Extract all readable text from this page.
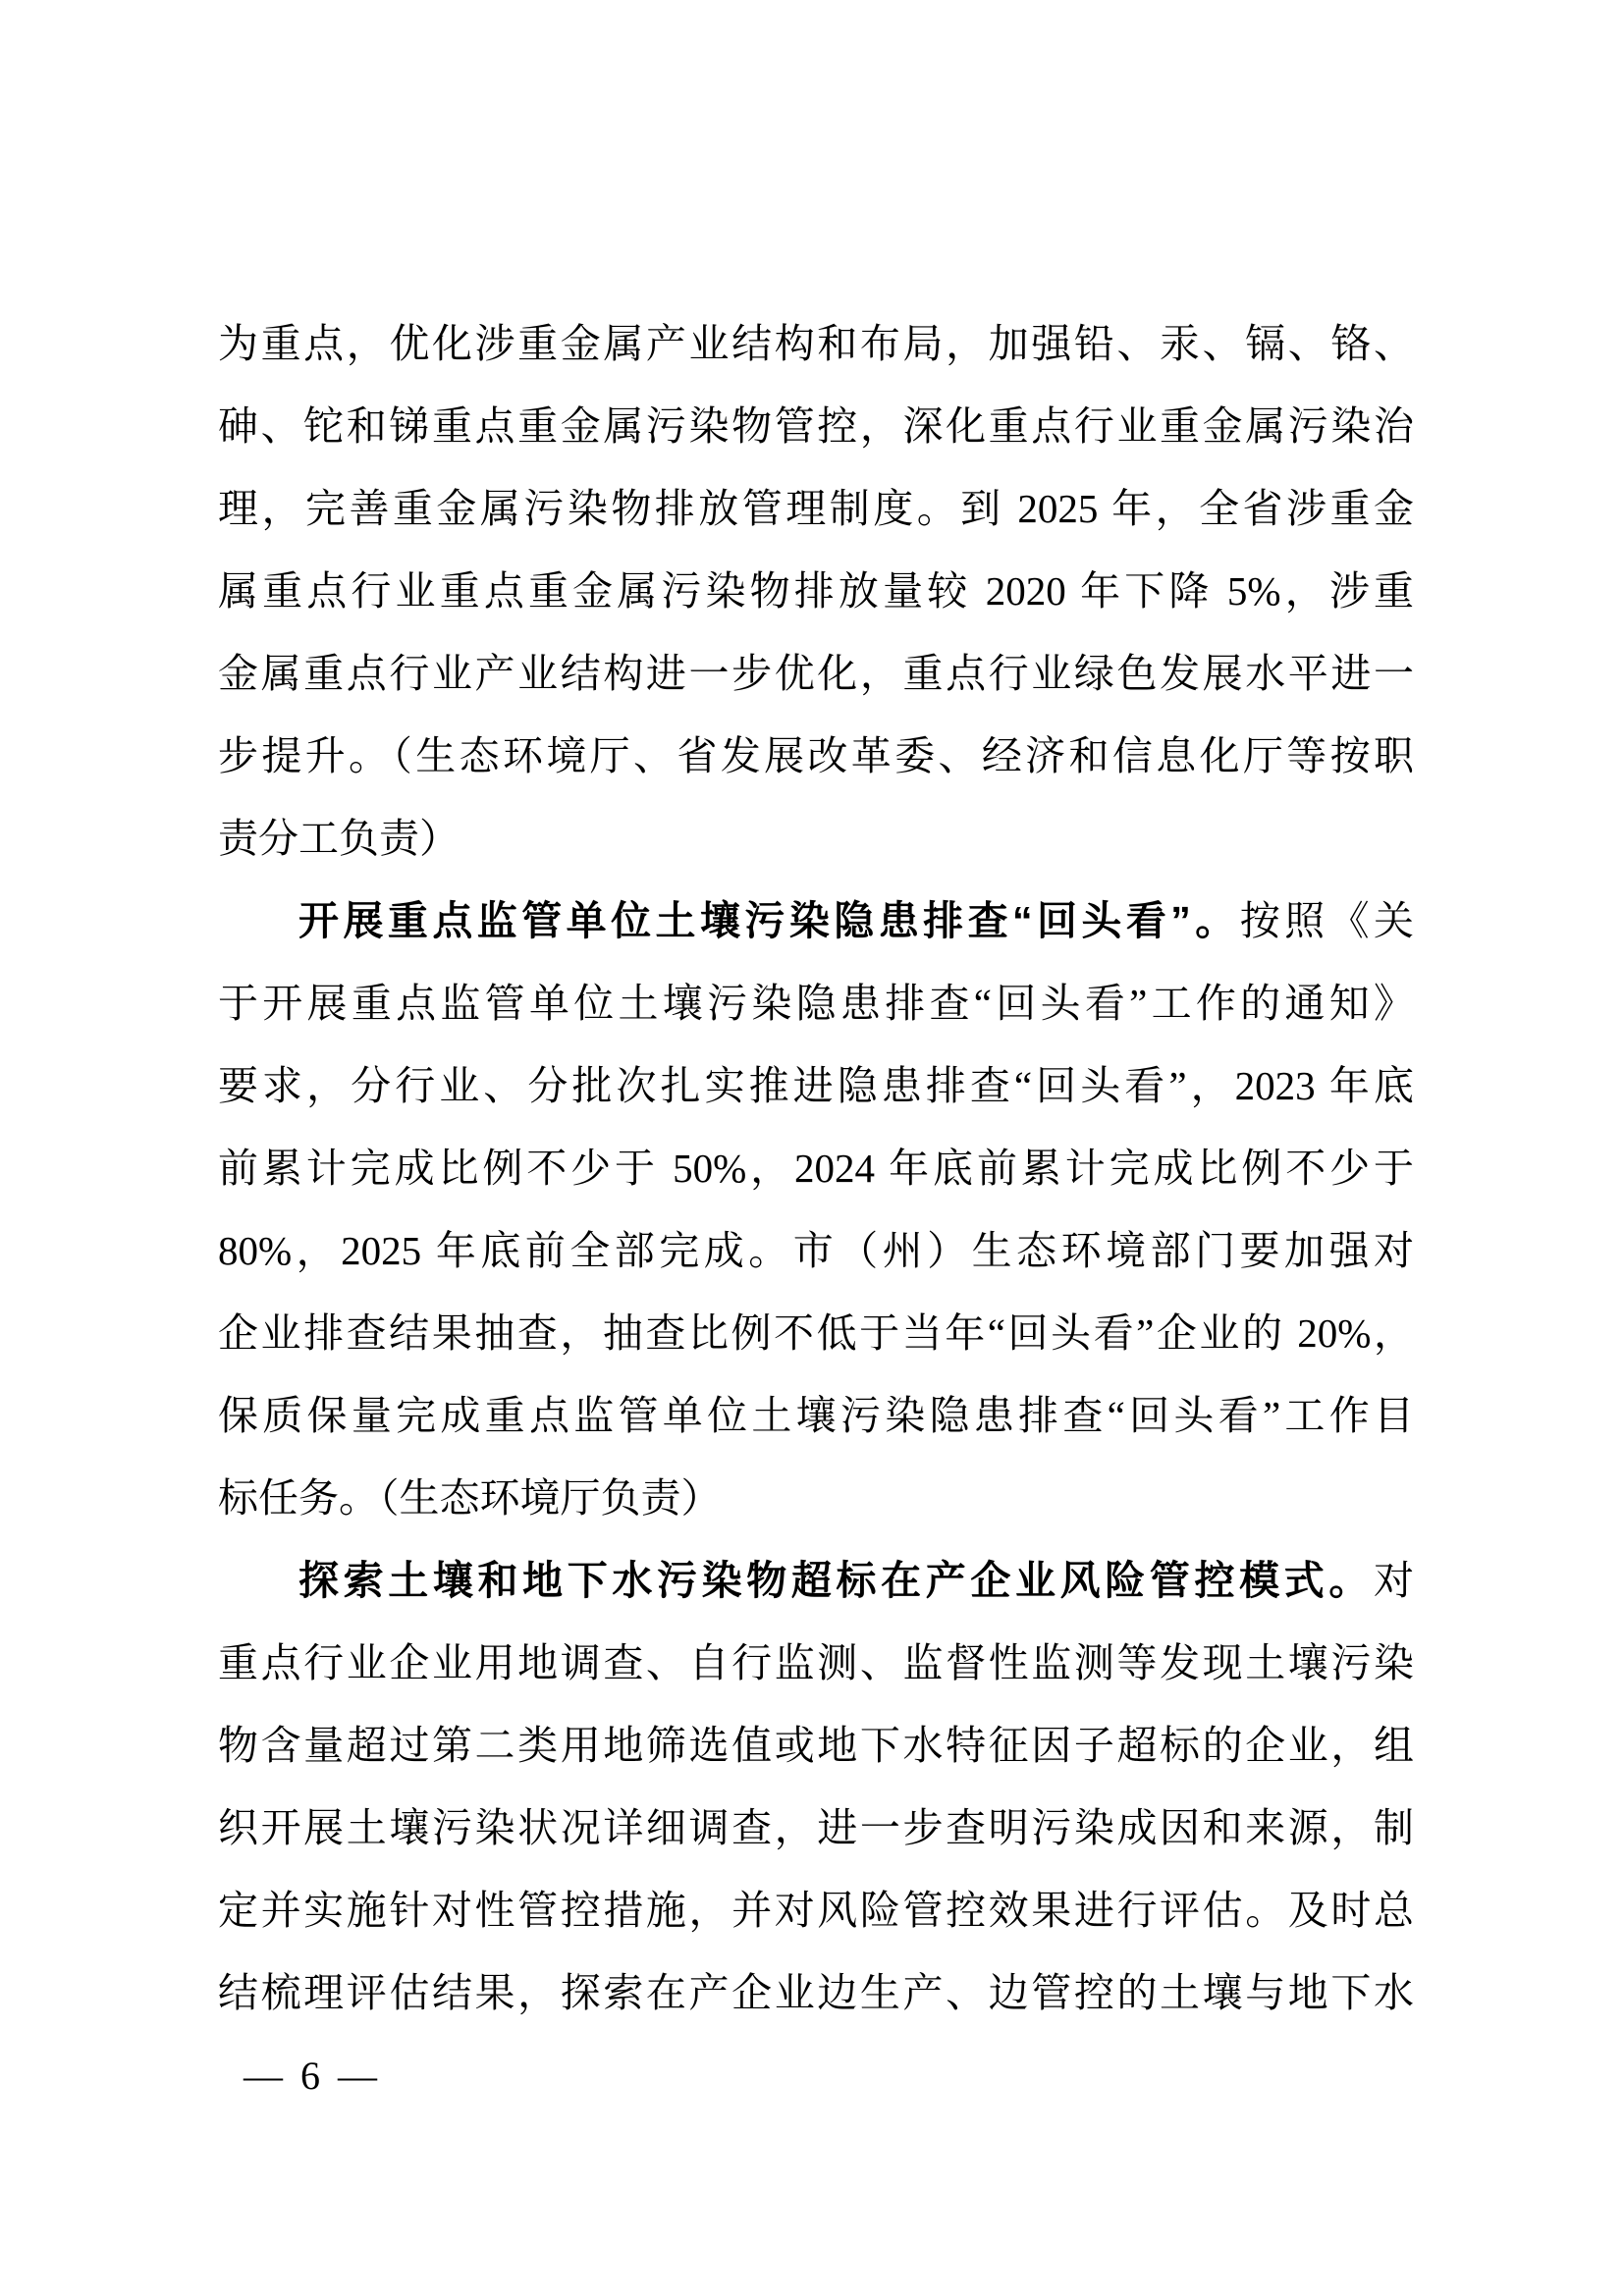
为重点，优化涉重金属产业结构和布局，加强铅、汞、镉、铬、
砷、铊和锑重点重金属污染物管控，深化重点行业重金属污染治
理，完善重金属污染物排放管理制度。到 2025 年，全省涉重金
属重点行业重点重金属污染物排放量较 2020 年下降 5%，涉重
金属重点行业产业结构进一步优化，重点行业绿色发展水平进一
步提升。（生态环境厅、省发展改革委、经济和信息化厅等按职
责分工负责）
开展重点监管单位土壤污染隐患排查“回头看”。按照《关
于开展重点监管单位土壤污染隐患排查“回头看”工作的通知》
要求，分行业、分批次扎实推进隐患排查“回头看”，2023 年底
前累计完成比例不少于 50%，2024 年底前累计完成比例不少于
80%，2025 年底前全部完成。市（州）生态环境部门要加强对
企业排查结果抽查，抽查比例不低于当年“回头看”企业的 20%，
保质保量完成重点监管单位土壤污染隐患排查“回头看”工作目
标任务。（生态环境厅负责）
探索土壤和地下水污染物超标在产企业风险管控模式。对
重点行业企业用地调查、自行监测、监督性监测等发现土壤污染
物含量超过第二类用地筛选值或地下水特征因子超标的企业，组
织开展土壤污染状况详细调查，进一步查明污染成因和来源，制
定并实施针对性管控措施，并对风险管控效果进行评估。及时总
结梳理评估结果，探索在产企业边生产、边管控的土壤与地下水
— 6 —
